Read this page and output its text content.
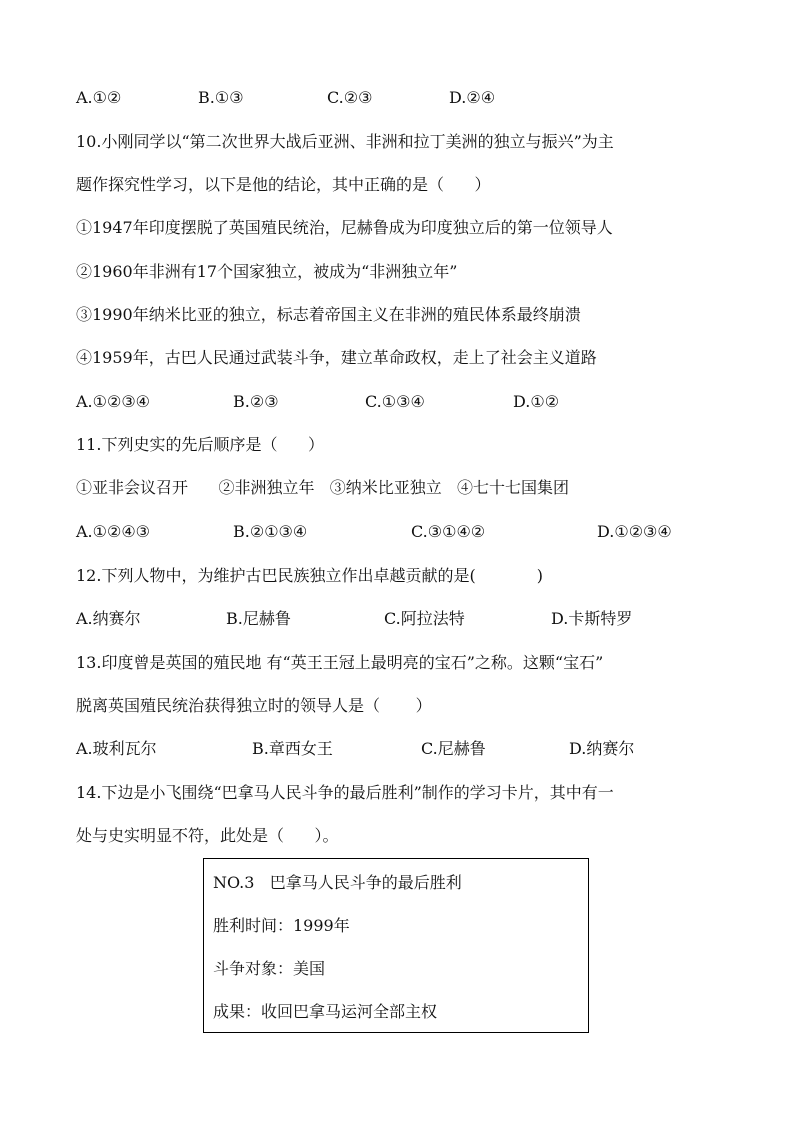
A.①②	B.①③	C.②③	D.②④
10.小刚同学以“第二次世界大战后亚洲、非洲和拉丁美洲的独立与振兴”为主
题作探究性学习，以下是他的结论，其中正确的是（      ）
①1947年印度摆脱了英国殖民统治，尼赫鲁成为印度独立后的第一位领导人
②1960年非洲有17个国家独立，被成为“非洲独立年”
③1990年纳米比亚的独立，标志着帝国主义在非洲的殖民体系最终崩溃
④1959年，古巴人民通过武装斗争，建立革命政权，走上了社会主义道路
A.①②③④	B.②③	C.①③④	D.①②
11.下列史实的先后顺序是（      ）
①亚非会议召开      ②非洲独立年   ③纳米比亚独立   ④七十七国集团
A.①②④③	B.②①③④	C.③①④②	D.①②③④
12.下列人物中，为维护古巴民族独立作出卓越贡献的是(            )
A.纳赛尔	B.尼赫鲁	C.阿拉法特	D.卡斯特罗
13.印度曾是英国的殖民地 有“英王王冠上最明亮的宝石”之称。这颗“宝石”
脱离英国殖民统治获得独立时的领导人是（       ）
A.玻利瓦尔	B.章西女王	C.尼赫鲁	D.纳赛尔
14.下边是小飞围绕“巴拿马人民斗争的最后胜利”制作的学习卡片，其中有一
处与史实明显不符，此处是（      ）。
NO.3   巴拿马人民斗争的最后胜利
胜利时间：1999年
斗争对象：美国
成果：收回巴拿马运河全部主权
